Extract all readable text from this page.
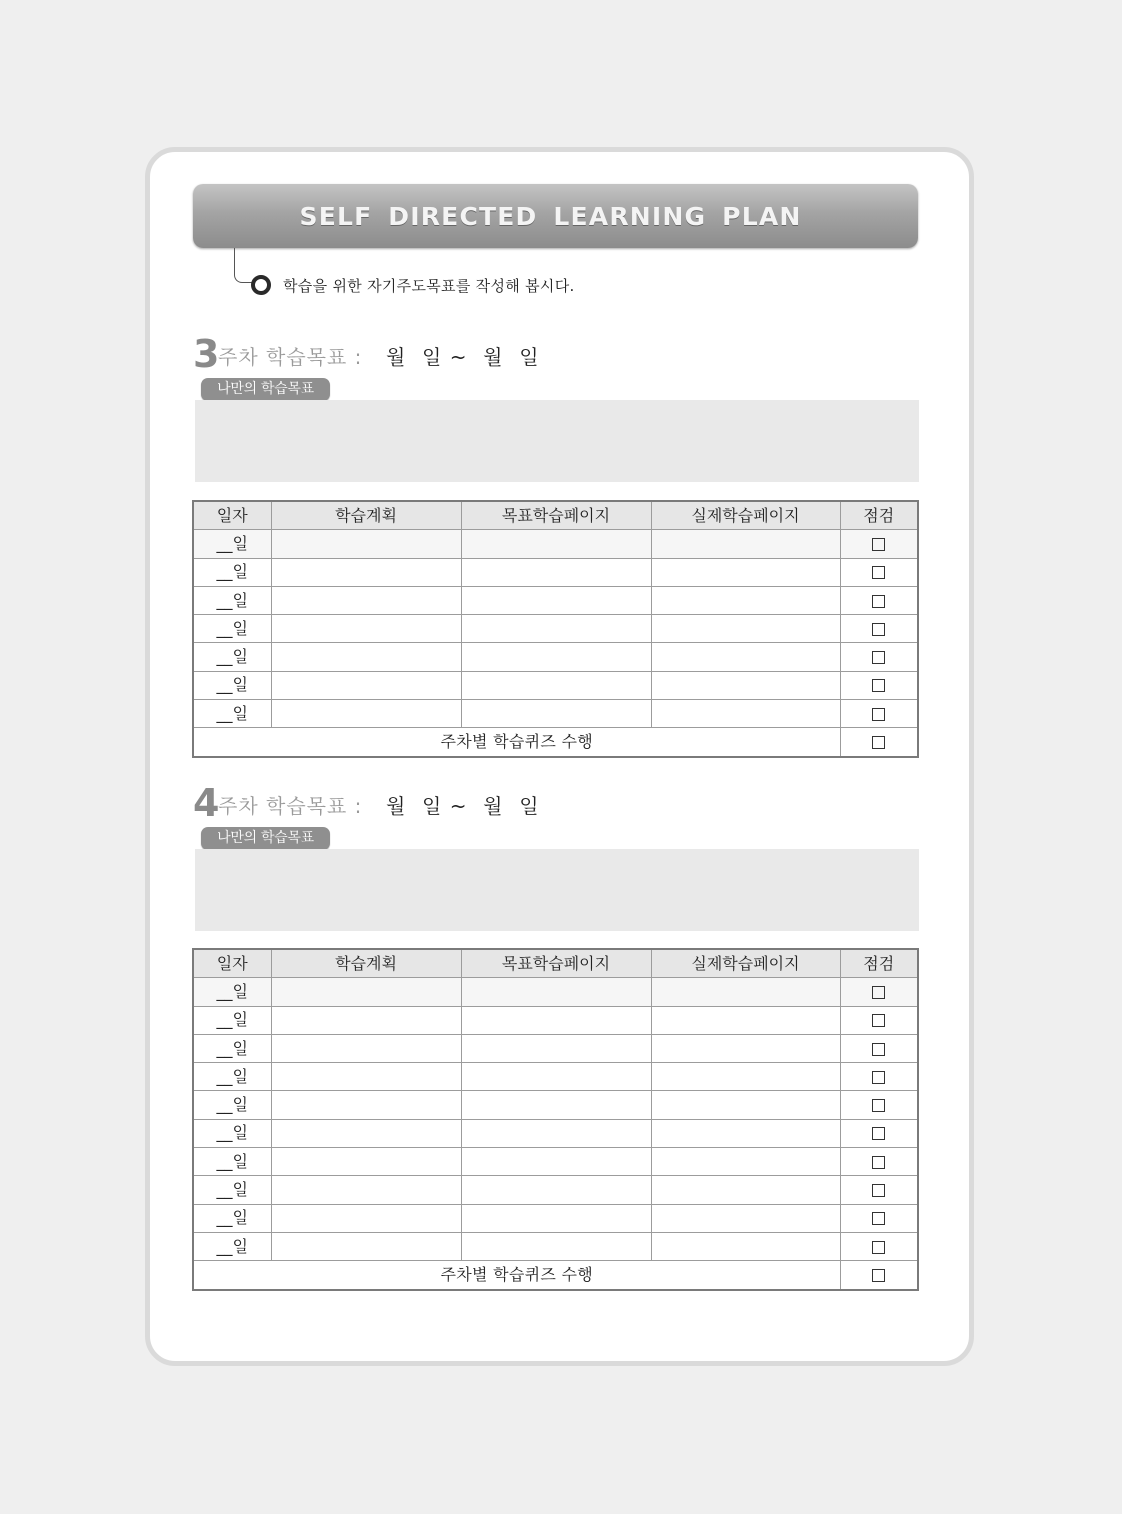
SELF DIRECTED LEARNING PLAN
학습을 위한 자기주도목표를 작성해 봅시다.
3
주차 학습목표 : 월  일 ~  월  일
나만의 학습목표
일자	학습계획	목표학습페이지	실제학습페이지	점검
__일				
__일				
__일				
__일				
__일				
__일				
__일				
주차별 학습퀴즈 수행				
4
주차 학습목표 : 월  일 ~  월  일
나만의 학습목표
일자	학습계획	목표학습페이지	실제학습페이지	점검
__일				
__일				
__일				
__일				
__일				
__일				
__일				
__일				
__일				
__일				
주차별 학습퀴즈 수행				
